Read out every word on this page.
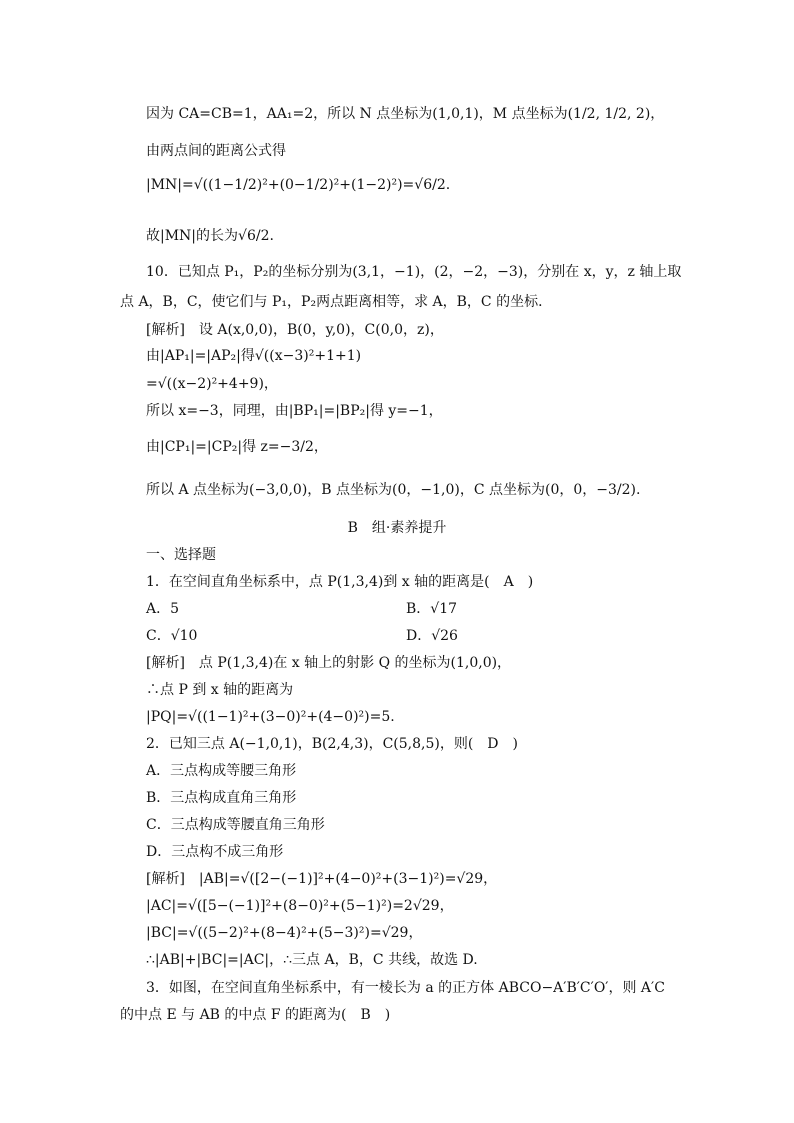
因为 CA=CB=1，AA₁=2，所以 N 点坐标为(1,0,1)，M 点坐标为(1/2, 1/2, 2)，
由两点间的距离公式得
|MN|=√((1−1/2)²+(0−1/2)²+(1−2)²)=√6/2.
故|MN|的长为√6/2.
10．已知点 P₁，P₂的坐标分别为(3,1，−1)，(2，−2，−3)，分别在 x，y，z 轴上取
点 A，B，C，使它们与 P₁，P₂两点距离相等，求 A，B，C 的坐标．
[解析]　设 A(x,0,0)，B(0，y,0)，C(0,0，z)，
由|AP₁|=|AP₂|得√((x−3)²+1+1)
=√((x−2)²+4+9)，
所以 x=−3，同理，由|BP₁|=|BP₂|得 y=−1，
由|CP₁|=|CP₂|得 z=−3/2，
所以 A 点坐标为(−3,0,0)，B 点坐标为(0，−1,0)，C 点坐标为(0，0，−3/2).
B　组·素养提升
一、选择题
1．在空间直角坐标系中，点 P(1,3,4)到 x 轴的距离是(　A　)
A．5	B．√17
C．√10	D．√26
[解析]　点 P(1,3,4)在 x 轴上的射影 Q 的坐标为(1,0,0)，
∴点 P 到 x 轴的距离为
|PQ|=√((1−1)²+(3−0)²+(4−0)²)=5.
2．已知三点 A(−1,0,1)，B(2,4,3)，C(5,8,5)，则(　D　)
A．三点构成等腰三角形
B．三点构成直角三角形
C．三点构成等腰直角三角形
D．三点构不成三角形
[解析]　|AB|=√([2−(−1)]²+(4−0)²+(3−1)²)=√29，
|AC|=√([5−(−1)]²+(8−0)²+(5−1)²)=2√29，
|BC|=√((5−2)²+(8−4)²+(5−3)²)=√29，
∴|AB|+|BC|=|AC|，∴三点 A，B，C 共线，故选 D.
3．如图，在空间直角坐标系中，有一棱长为 a 的正方体 ABCO−A′B′C′O′，则 A′C
的中点 E 与 AB 的中点 F 的距离为(　B　)
